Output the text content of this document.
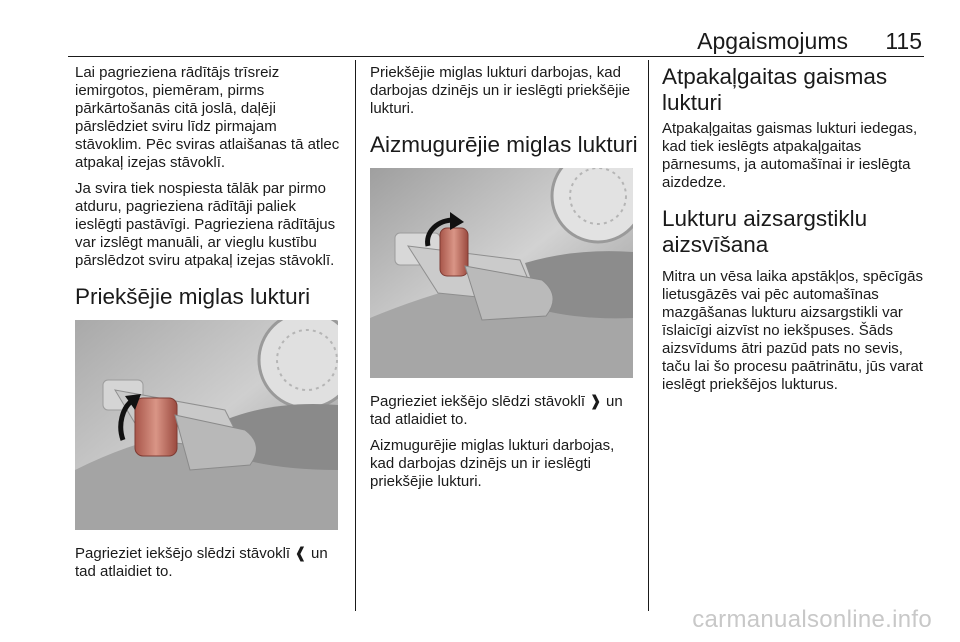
Apgaismojums 115

Lai pagrieziena rādītājs trīsreiz iemirgotos, piemēram, pirms pārkārtošanās citā joslā, daļēji pārslēdziet sviru līdz pirmajam stāvoklim. Pēc sviras atlaišanas tā atlec atpakaļ izejas stāvoklī.

Ja svira tiek nospiesta tālāk par pirmo atduru, pagrieziena rādītāji paliek ieslēgti pastāvīgi. Pagrieziena rādītājus var izslēgt manuāli, ar vieglu kustību pārslēdzot sviru atpakaļ izejas stāvoklī.

Priekšējie miglas lukturi

Pagrieziet iekšējo slēdzi stāvoklī ❰ un tad atlaidiet to.

Priekšējie miglas lukturi darbojas, kad darbojas dzinējs un ir ieslēgti priekšējie lukturi.

Aizmugurējie miglas lukturi

Pagrieziet iekšējo slēdzi stāvoklī ❱ un tad atlaidiet to.

Aizmugurējie miglas lukturi darbojas, kad darbojas dzinējs un ir ieslēgti priekšējie lukturi.

Atpakaļgaitas gaismas lukturi

Atpakaļgaitas gaismas lukturi iedegas, kad tiek ieslēgts atpakaļgaitas pārnesums, ja automašīnai ir ieslēgta aizdedze.

Lukturu aizsargstiklu aizsvīšana

Mitra un vēsa laika apstākļos, spēcīgās lietusgāzēs vai pēc automašīnas mazgāšanas lukturu aizsargstikli var īslaicīgi aizvīst no iekšpuses. Šāds aizsvīdums ātri pazūd pats no sevis, taču lai šo procesu paātrinātu, jūs varat ieslēgt priekšējos lukturus.

carmanualsonline.info
